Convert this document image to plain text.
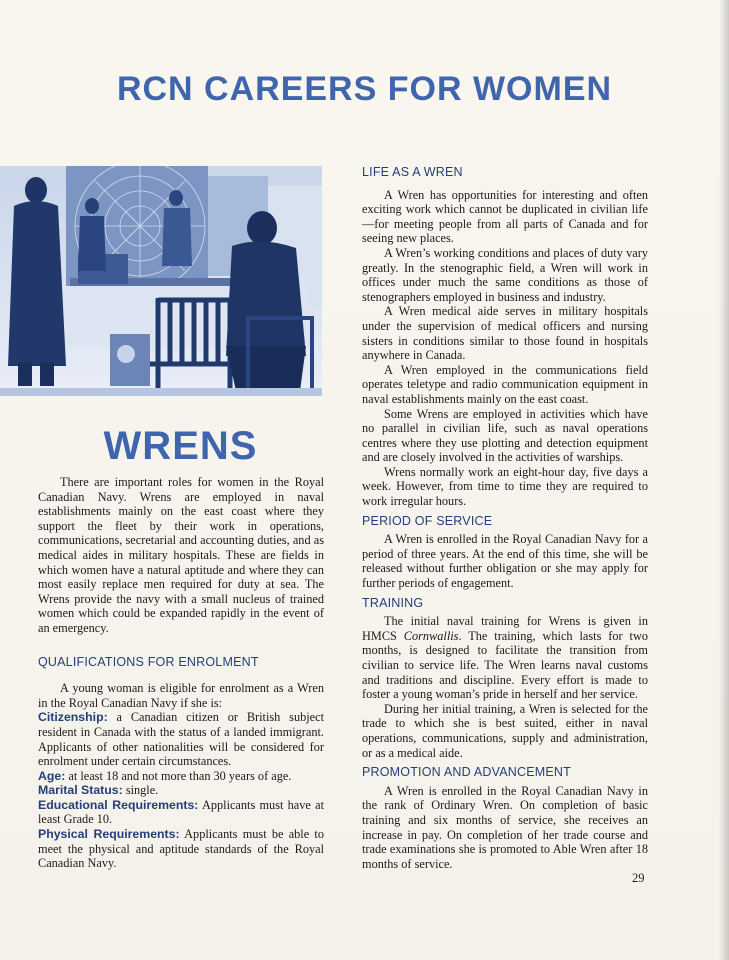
RCN CAREERS FOR WOMEN
WRENS

There are important roles for women in the Royal Canadian Navy. Wrens are employed in naval establishments mainly on the east coast where they support the fleet by their work in operations, communications, secretarial and accounting duties, and as medical aides in military hospitals. These are fields in which women have a natural aptitude and where they can most easily replace men required for duty at sea. The Wrens provide the navy with a small nucleus of trained women which could be expanded rapidly in the event of an emergency.

QUALIFICATIONS FOR ENROLMENT

A young woman is eligible for enrolment as a Wren in the Royal Canadian Navy if she is:

Citizenship: a Canadian citizen or British subject resident in Canada with the status of a landed immigrant. Applicants of other nationalities will be considered for enrolment under certain circumstances.

Age: at least 18 and not more than 30 years of age.

Marital Status: single.

Educational Requirements: Applicants must have at least Grade 10.

Physical Requirements: Applicants must be able to meet the physical and aptitude standards of the Royal Canadian Navy.

LIFE AS A WREN

A Wren has opportunities for interesting and often exciting work which cannot be duplicated in civilian life—for meeting people from all parts of Canada and for seeing new places.

A Wren’s working conditions and places of duty vary greatly. In the stenographic field, a Wren will work in offices under much the same conditions as those of stenographers employed in business and industry.

A Wren medical aide serves in military hospitals under the supervision of medical officers and nursing sisters in conditions similar to those found in hospitals anywhere in Canada.

A Wren employed in the communications field operates teletype and radio communication equipment in naval establishments mainly on the east coast.

Some Wrens are employed in activities which have no parallel in civilian life, such as naval operations centres where they use plotting and detection equipment and are closely involved in the activities of warships.

Wrens normally work an eight-hour day, five days a week. However, from time to time they are required to work irregular hours.

PERIOD OF SERVICE

A Wren is enrolled in the Royal Canadian Navy for a period of three years. At the end of this time, she will be released without further obligation or she may apply for further periods of engagement.

TRAINING

The initial naval training for Wrens is given in HMCS Cornwallis. The training, which lasts for two months, is designed to facilitate the transition from civilian to service life. The Wren learns naval customs and traditions and discipline. Every effort is made to foster a young woman’s pride in herself and her service.

During her initial training, a Wren is selected for the trade to which she is best suited, either in naval operations, communications, supply and administration, or as a medical aide.

PROMOTION AND ADVANCEMENT

A Wren is enrolled in the Royal Canadian Navy in the rank of Ordinary Wren. On completion of basic training and six months of service, she receives an increase in pay. On completion of her trade course and trade examinations she is promoted to Able Wren after 18 months of service.

29
